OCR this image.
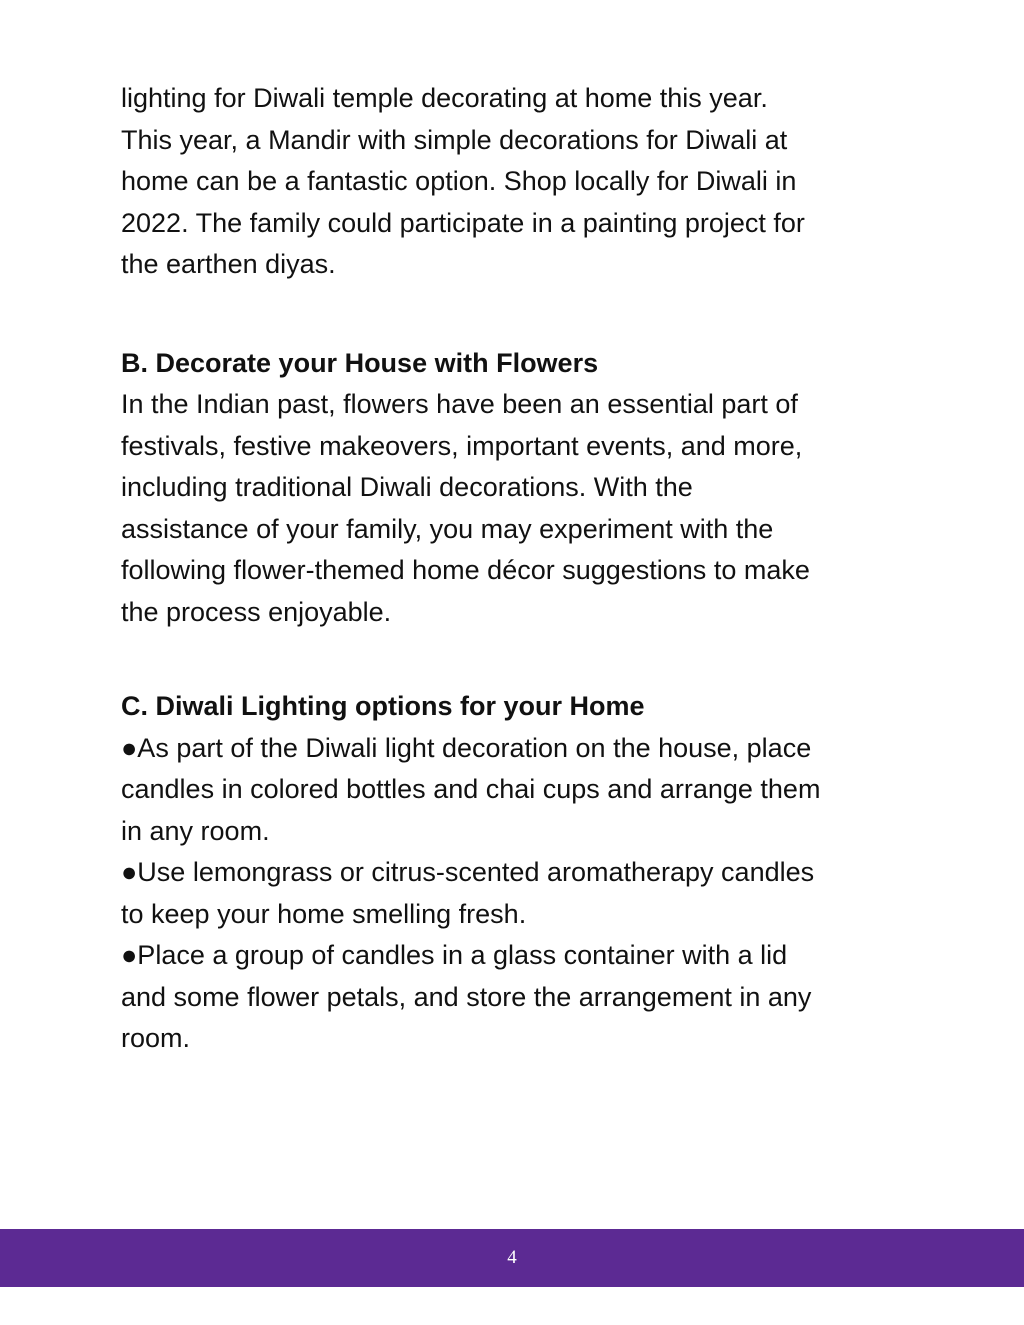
lighting for Diwali temple decorating at home this year.
This year, a Mandir with simple decorations for Diwali at
home can be a fantastic option. Shop locally for Diwali in
2022. The family could participate in a painting project for
the earthen diyas.
B. Decorate your House with Flowers
In the Indian past, flowers have been an essential part of
festivals, festive makeovers, important events, and more,
including traditional Diwali decorations. With the
assistance of your family, you may experiment with the
following flower-themed home décor suggestions to make
the process enjoyable.
C. Diwali Lighting options for your Home
●As part of the Diwali light decoration on the house, place
candles in colored bottles and chai cups and arrange them
in any room.
●Use lemongrass or citrus-scented aromatherapy candles
to keep your home smelling fresh.
●Place a group of candles in a glass container with a lid
and some flower petals, and store the arrangement in any
room.
4
